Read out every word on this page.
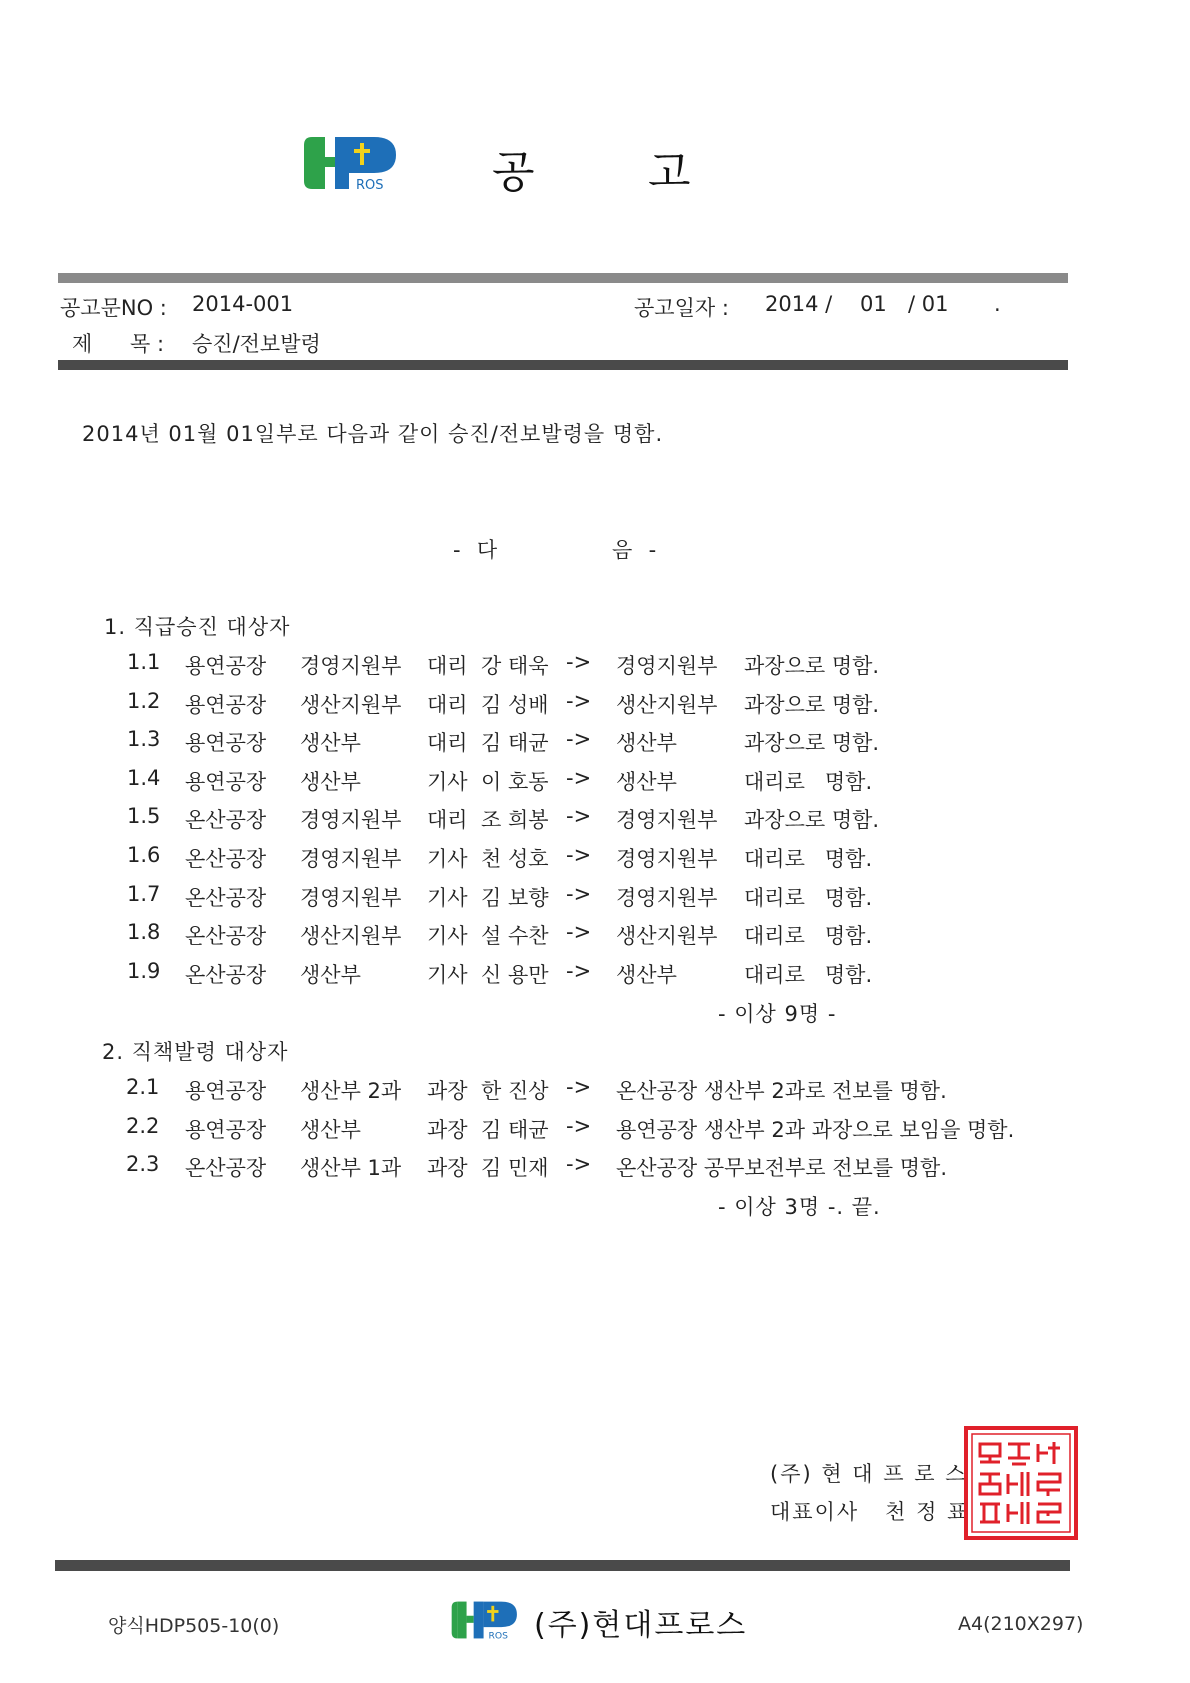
ROS 공	고
공고문NO : 2014-001	공고일자 : 2014 / 01 / 01 .
제 목 : 승진/전보발령
2014년 01월 01일부로 다음과 같이 승진/전보발령을 명함.
-  다	음  -
1. 직급승진 대상자
1.1 용연공장 경영지원부 대리 강 태욱 -> 경영지원부 과장으로 명함.
1.2 용연공장 생산지원부 대리 김 성배 -> 생산지원부 과장으로 명함.
1.3 용연공장 생산부	대리 김 태균 -> 생산부	과장으로 명함.
1.4 용연공장 생산부	기사 이 호동 -> 생산부	대리로   명함.
1.5 온산공장 경영지원부 대리 조 희봉 -> 경영지원부 과장으로 명함.
1.6 온산공장 경영지원부 기사 천 성호 -> 경영지원부 대리로   명함.
1.7 온산공장 경영지원부 기사 김 보향 -> 경영지원부 대리로   명함.
1.8 온산공장 생산지원부 기사 설 수찬 -> 생산지원부 대리로   명함.
1.9 온산공장 생산부	기사 신 용만 -> 생산부	대리로   명함.
- 이상 9명 -
2. 직책발령 대상자
2.1 용연공장 생산부 2과 과장 한 진상 -> 온산공장 생산부 2과로 전보를 명함.
2.2 용연공장 생산부	과장 김 태균 -> 용연공장 생산부 2과 과장으로 보임을 명함.
2.3 온산공장 생산부 1과 과장 김 민재 -> 온산공장 공무보전부로 전보를 명함.
- 이상 3명 -. 끝.
(주) 현 대 프 로 스
대표이사   천 정 표
양식HDP505-10(0)	ROS (주)현대프로스	A4(210X297)
